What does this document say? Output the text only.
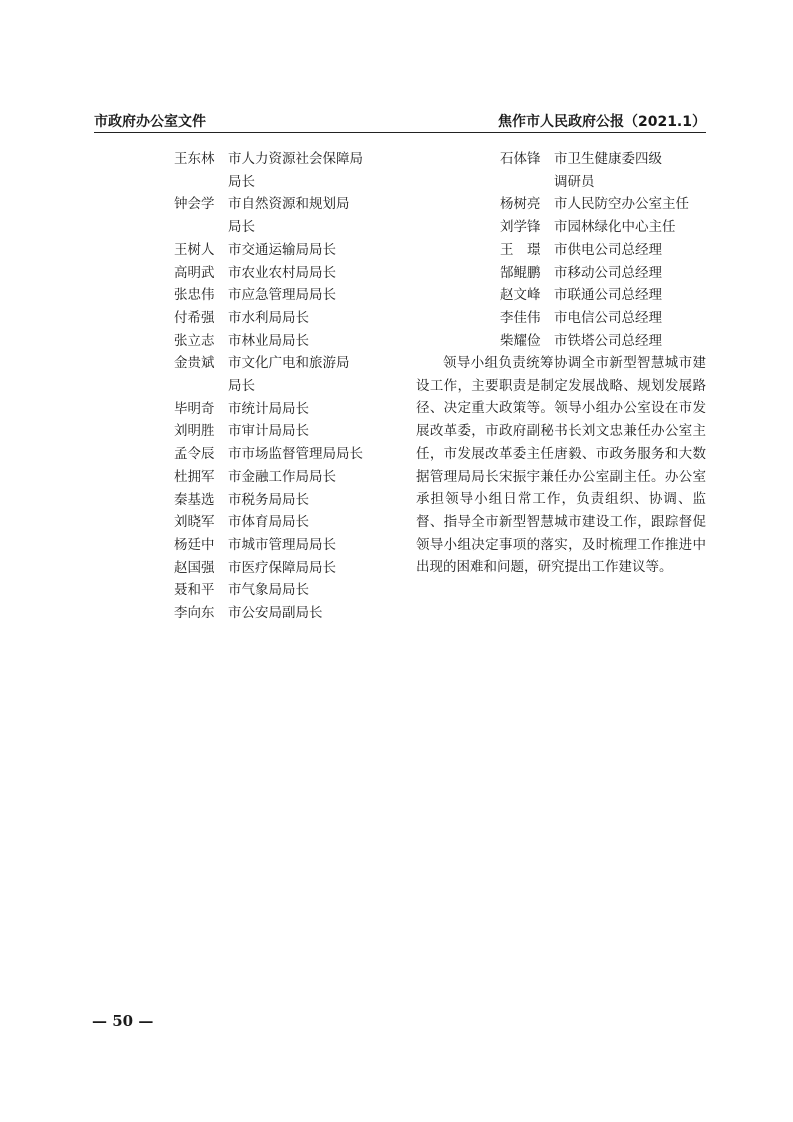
市政府办公室文件	焦作市人民政府公报（2021.1）
王东林	市人力资源社会保障局
局长
钟会学	市自然资源和规划局
局长
王树人	市交通运输局局长
高明武	市农业农村局局长
张忠伟	市应急管理局局长
付希强	市水利局局长
张立志	市林业局局长
金贵斌	市文化广电和旅游局
局长
毕明奇	市统计局局长
刘明胜	市审计局局长
孟令辰	市市场监督管理局局长
杜拥军	市金融工作局局长
秦基选	市税务局局长
刘晓军	市体育局局长
杨廷中	市城市管理局局长
赵国强	市医疗保障局局长
聂和平	市气象局局长
李向东	市公安局副局长
石体锋	市卫生健康委四级
调研员
杨树亮	市人民防空办公室主任
刘学锋	市园林绿化中心主任
王　璟	市供电公司总经理
郜鲲鹏	市移动公司总经理
赵文峰	市联通公司总经理
李佳伟	市电信公司总经理
柴耀俭	市铁塔公司总经理

领导小组负责统筹协调全市新型智慧城市建设工作，主要职责是制定发展战略、规划发展路径、决定重大政策等。领导小组办公室设在市发展改革委，市政府副秘书长刘文忠兼任办公室主任，市发展改革委主任唐毅、市政务服务和大数据管理局局长宋振宇兼任办公室副主任。办公室承担领导小组日常工作，负责组织、协调、监督、指导全市新型智慧城市建设工作，跟踪督促领导小组决定事项的落实，及时梳理工作推进中出现的困难和问题，研究提出工作建议等。

— 50 —
